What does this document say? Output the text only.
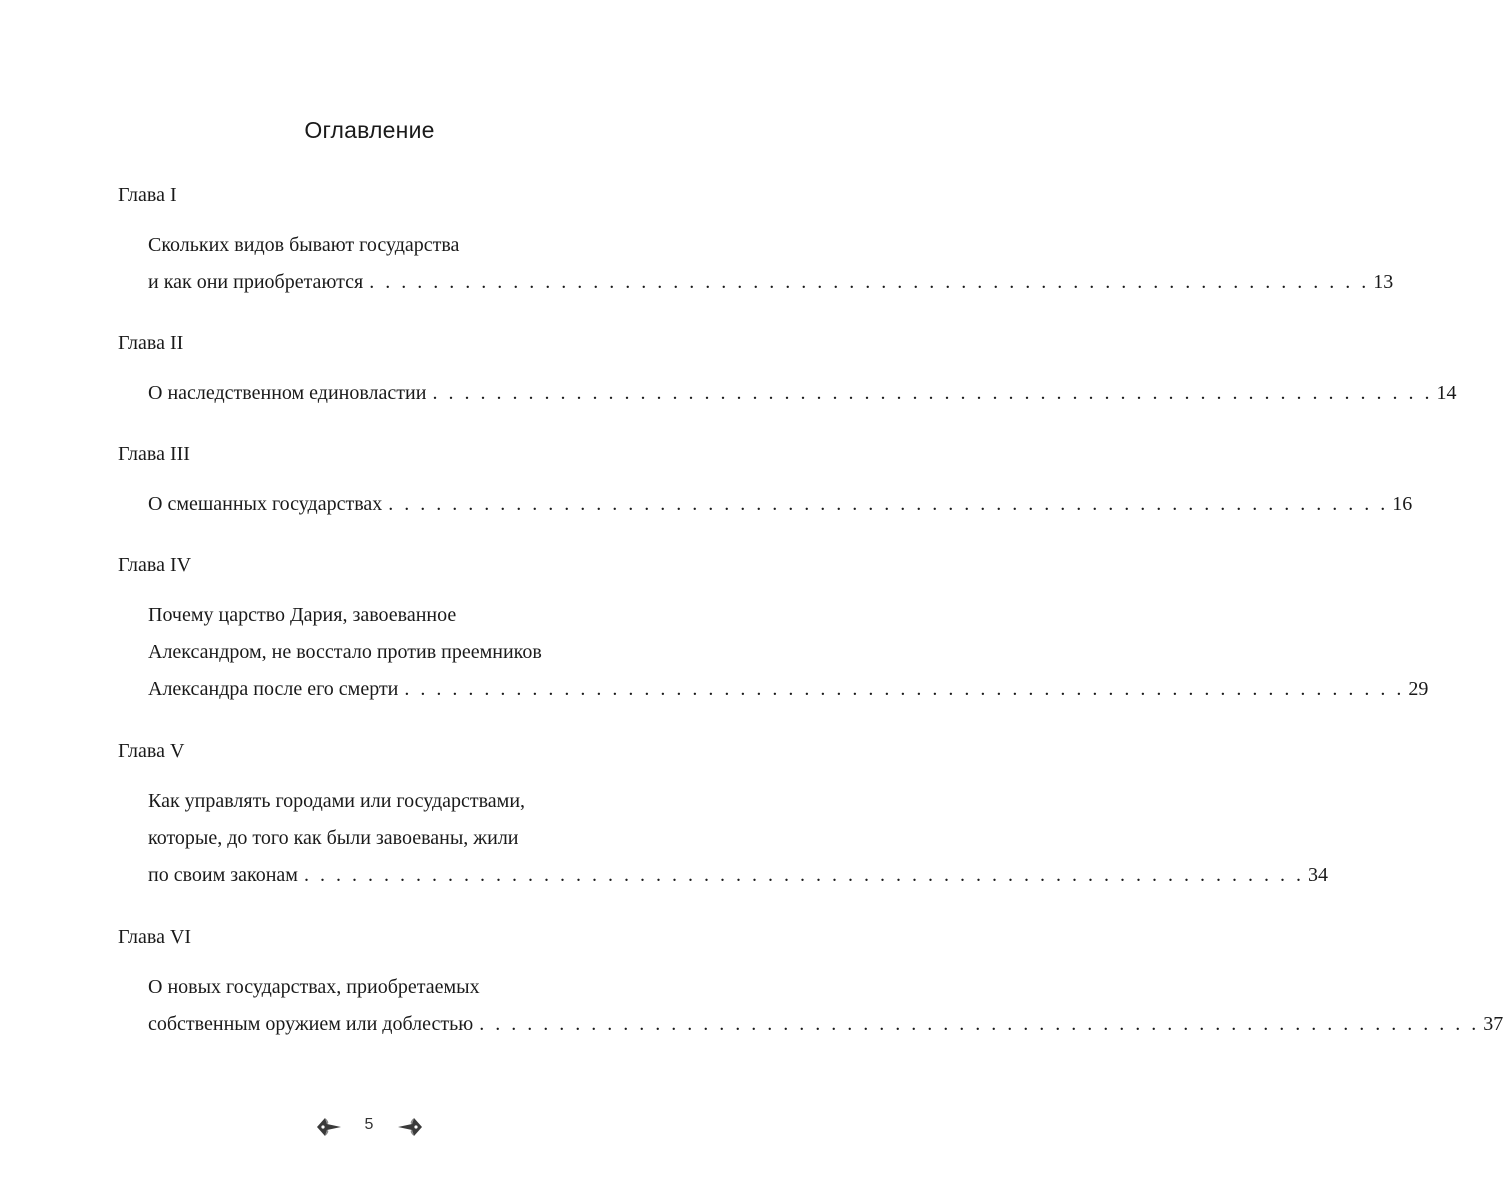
Оглавление
Глава I
Скольких видов бывают государства
и как они приобретаются . . . . . . . . . . . . . . . . . . . . . . . . . . . . . . . . . . . . . . . . . . . . . . . . . . . . . . . . . . . . . . . 13
Глава II
О наследственном единовластии . . . . . . . . . . . . . . . . . . . . . . . . . . . . . . . . . . . . . . . . . . . . . . . . . . . . . . . . . . . . . . . 14
Глава III
О смешанных государствах . . . . . . . . . . . . . . . . . . . . . . . . . . . . . . . . . . . . . . . . . . . . . . . . . . . . . . . . . . . . . . . 16
Глава IV
Почему царство Дария, завоеванное
Александром, не восстало против преемников
Александра после его смерти . . . . . . . . . . . . . . . . . . . . . . . . . . . . . . . . . . . . . . . . . . . . . . . . . . . . . . . . . . . . . . . 29
Глава V
Как управлять городами или государствами,
которые, до того как были завоеваны, жили
по своим законам . . . . . . . . . . . . . . . . . . . . . . . . . . . . . . . . . . . . . . . . . . . . . . . . . . . . . . . . . . . . . . . 34
Глава VI
О новых государствах, приобретаемых
собственным оружием или доблестью . . . . . . . . . . . . . . . . . . . . . . . . . . . . . . . . . . . . . . . . . . . . . . . . . . . . . . . . . . . . . . . 37
5
